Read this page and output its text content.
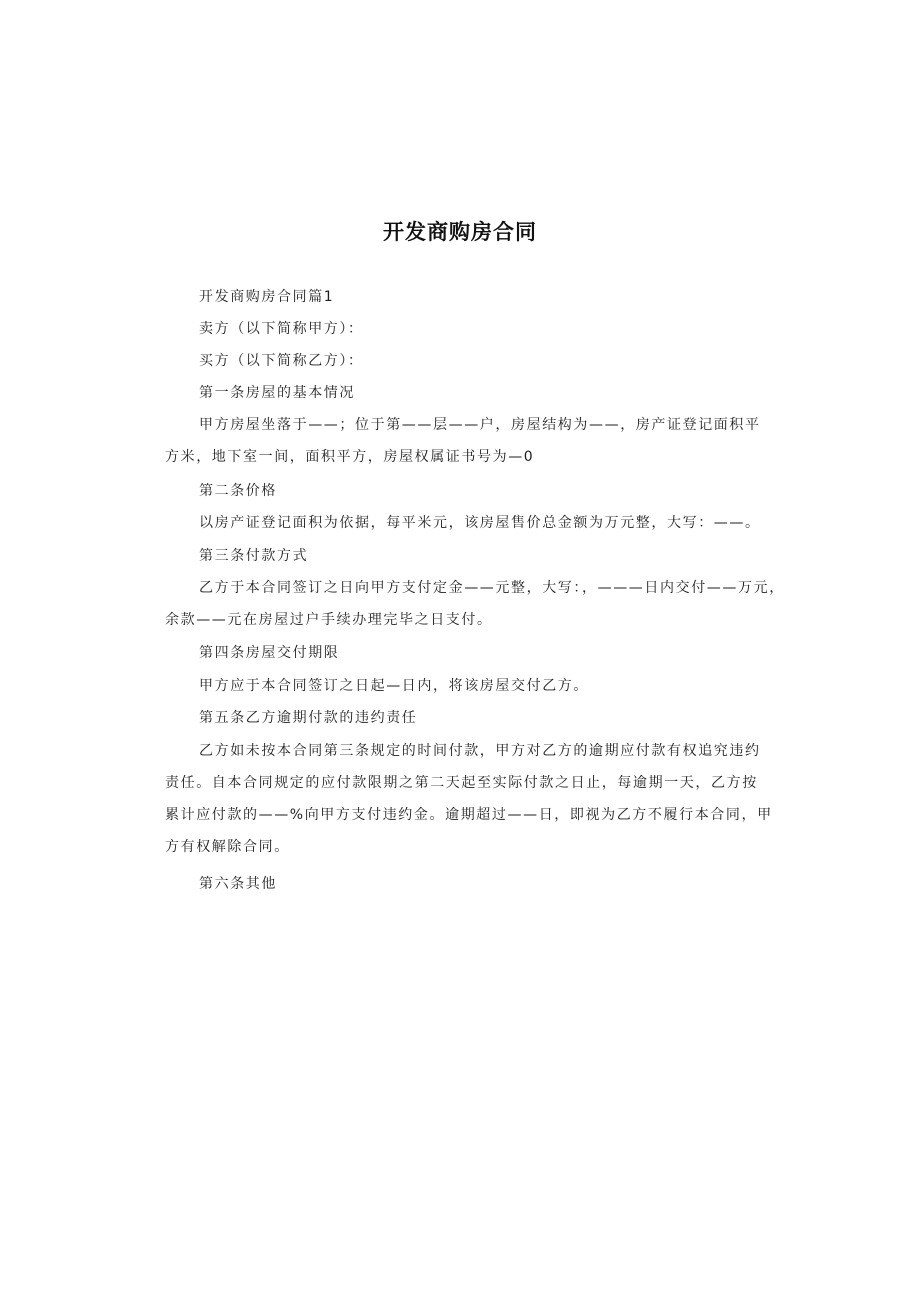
开发商购房合同
开发商购房合同篇1
卖方（以下简称甲方）：
买方（以下简称乙方）：
第一条房屋的基本情况
甲方房屋坐落于——；位于第——层——户，房屋结构为——，房产证登记面积平
方米，地下室一间，面积平方，房屋权属证书号为—0
第二条价格
以房产证登记面积为依据，每平米元，该房屋售价总金额为万元整，大写：——。
第三条付款方式
乙方于本合同签订之日向甲方支付定金——元整，大写：，———日内交付——万元，
余款——元在房屋过户手续办理完毕之日支付。
第四条房屋交付期限
甲方应于本合同签订之日起—日内，将该房屋交付乙方。
第五条乙方逾期付款的违约责任
乙方如未按本合同第三条规定的时间付款，甲方对乙方的逾期应付款有权追究违约
责任。自本合同规定的应付款限期之第二天起至实际付款之日止，每逾期一天，乙方按
累计应付款的——%向甲方支付违约金。逾期超过——日，即视为乙方不履行本合同，甲
方有权解除合同。
第六条其他
